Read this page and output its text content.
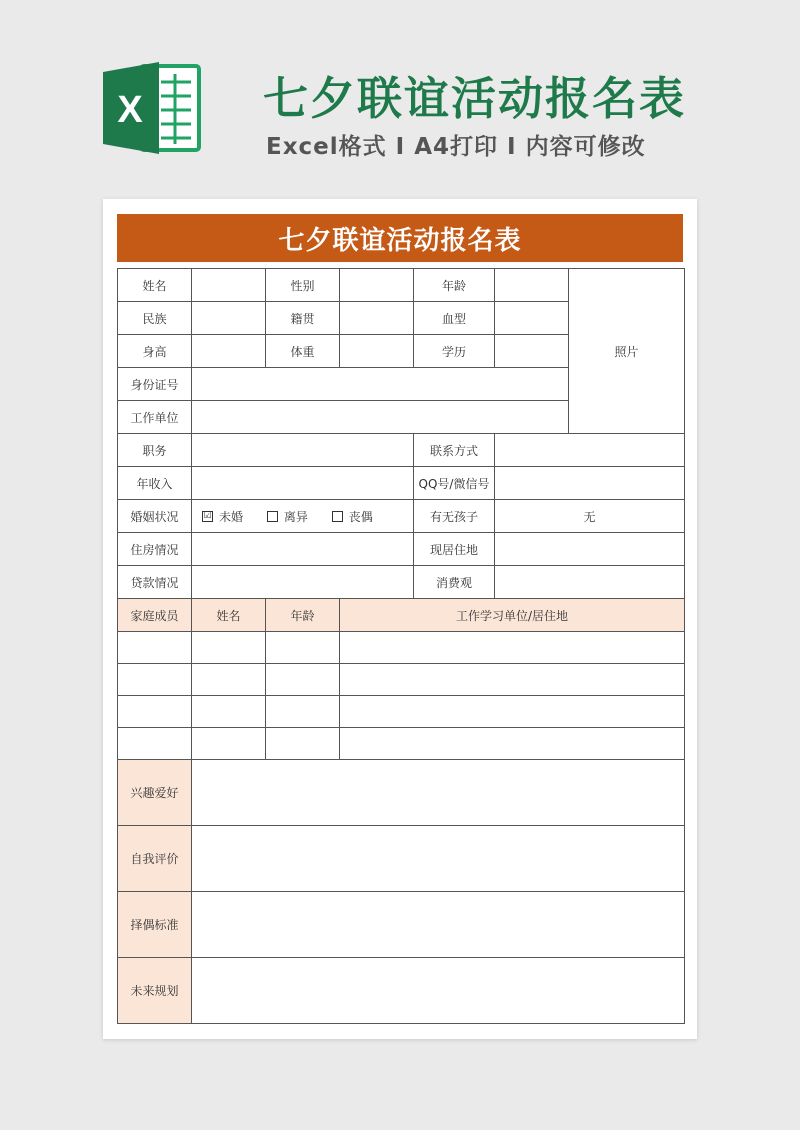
X	七夕联谊活动报名表
Excel格式 I A4打印 I 内容可修改
七夕联谊活动报名表
姓名		性别		年龄		照片
民族		籍贯		血型		
身高		体重		学历		
身份证号						
工作单位						
职务				联系方式		
年收入				QQ号/微信号		
婚姻状况	☑ 未婚 离异 丧偶			有无孩子	无	
住房情况				现居住地		
贷款情况				消费观		
家庭成员	姓名	年龄	工作学习单位/居住地			

兴趣爱好						
自我评价						
择偶标准						
未来规划						
